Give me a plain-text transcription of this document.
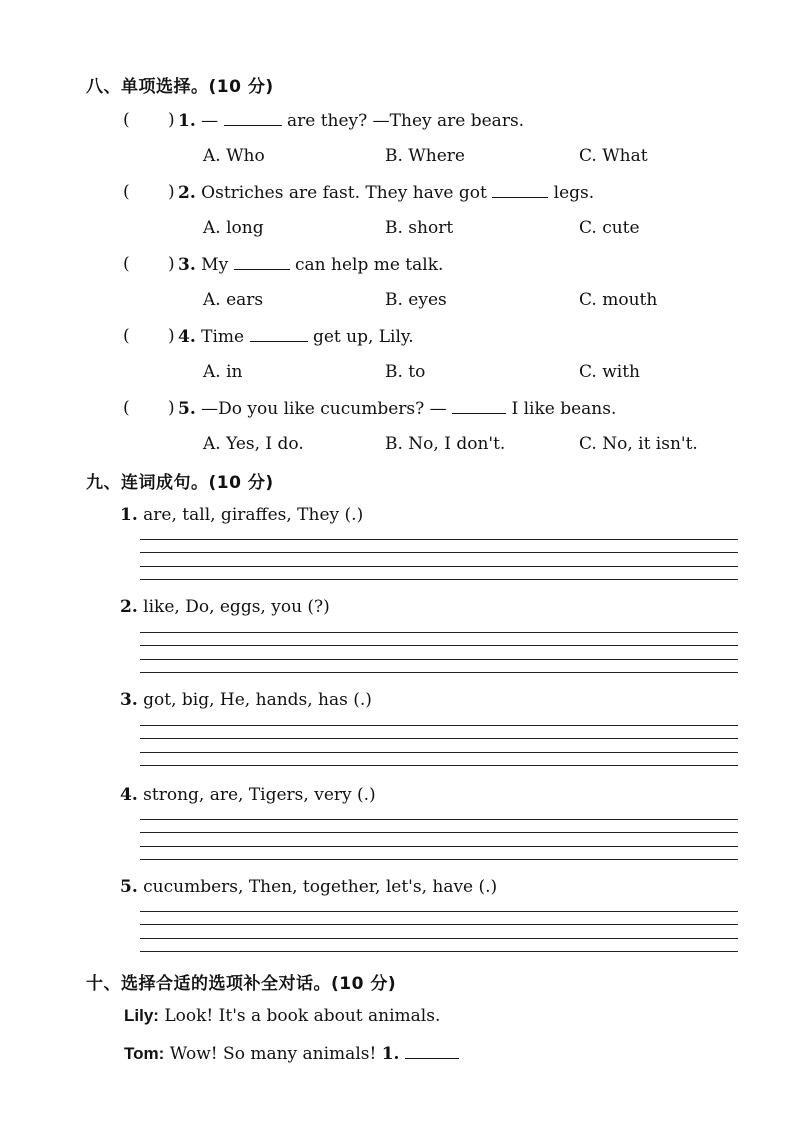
八、单项选择。(10 分)
( ) 1. —	are they? —They are bears.
A. Who	B. Where	C. What
( ) 2. Ostriches are fast. They have got	legs.
A. long	B. short	C. cute
( ) 3. My	can help me talk.
A. ears	B. eyes	C. mouth
( ) 4. Time	get up, Lily.
A. in	B. to	C. with
( ) 5. —Do you like cucumbers? —	I like beans.
A. Yes, I do.	B. No, I don't.	C. No, it isn't.
九、连词成句。(10 分)
1. are, tall, giraffes, They (.)
2. like, Do, eggs, you (?)
3. got, big, He, hands, has (.)
4. strong, are, Tigers, very (.)
5. cucumbers, Then, together, let's, have (.)
十、选择合适的选项补全对话。(10 分)
Lily: Look! It's a book about animals.
Tom: Wow! So many animals! 1.
